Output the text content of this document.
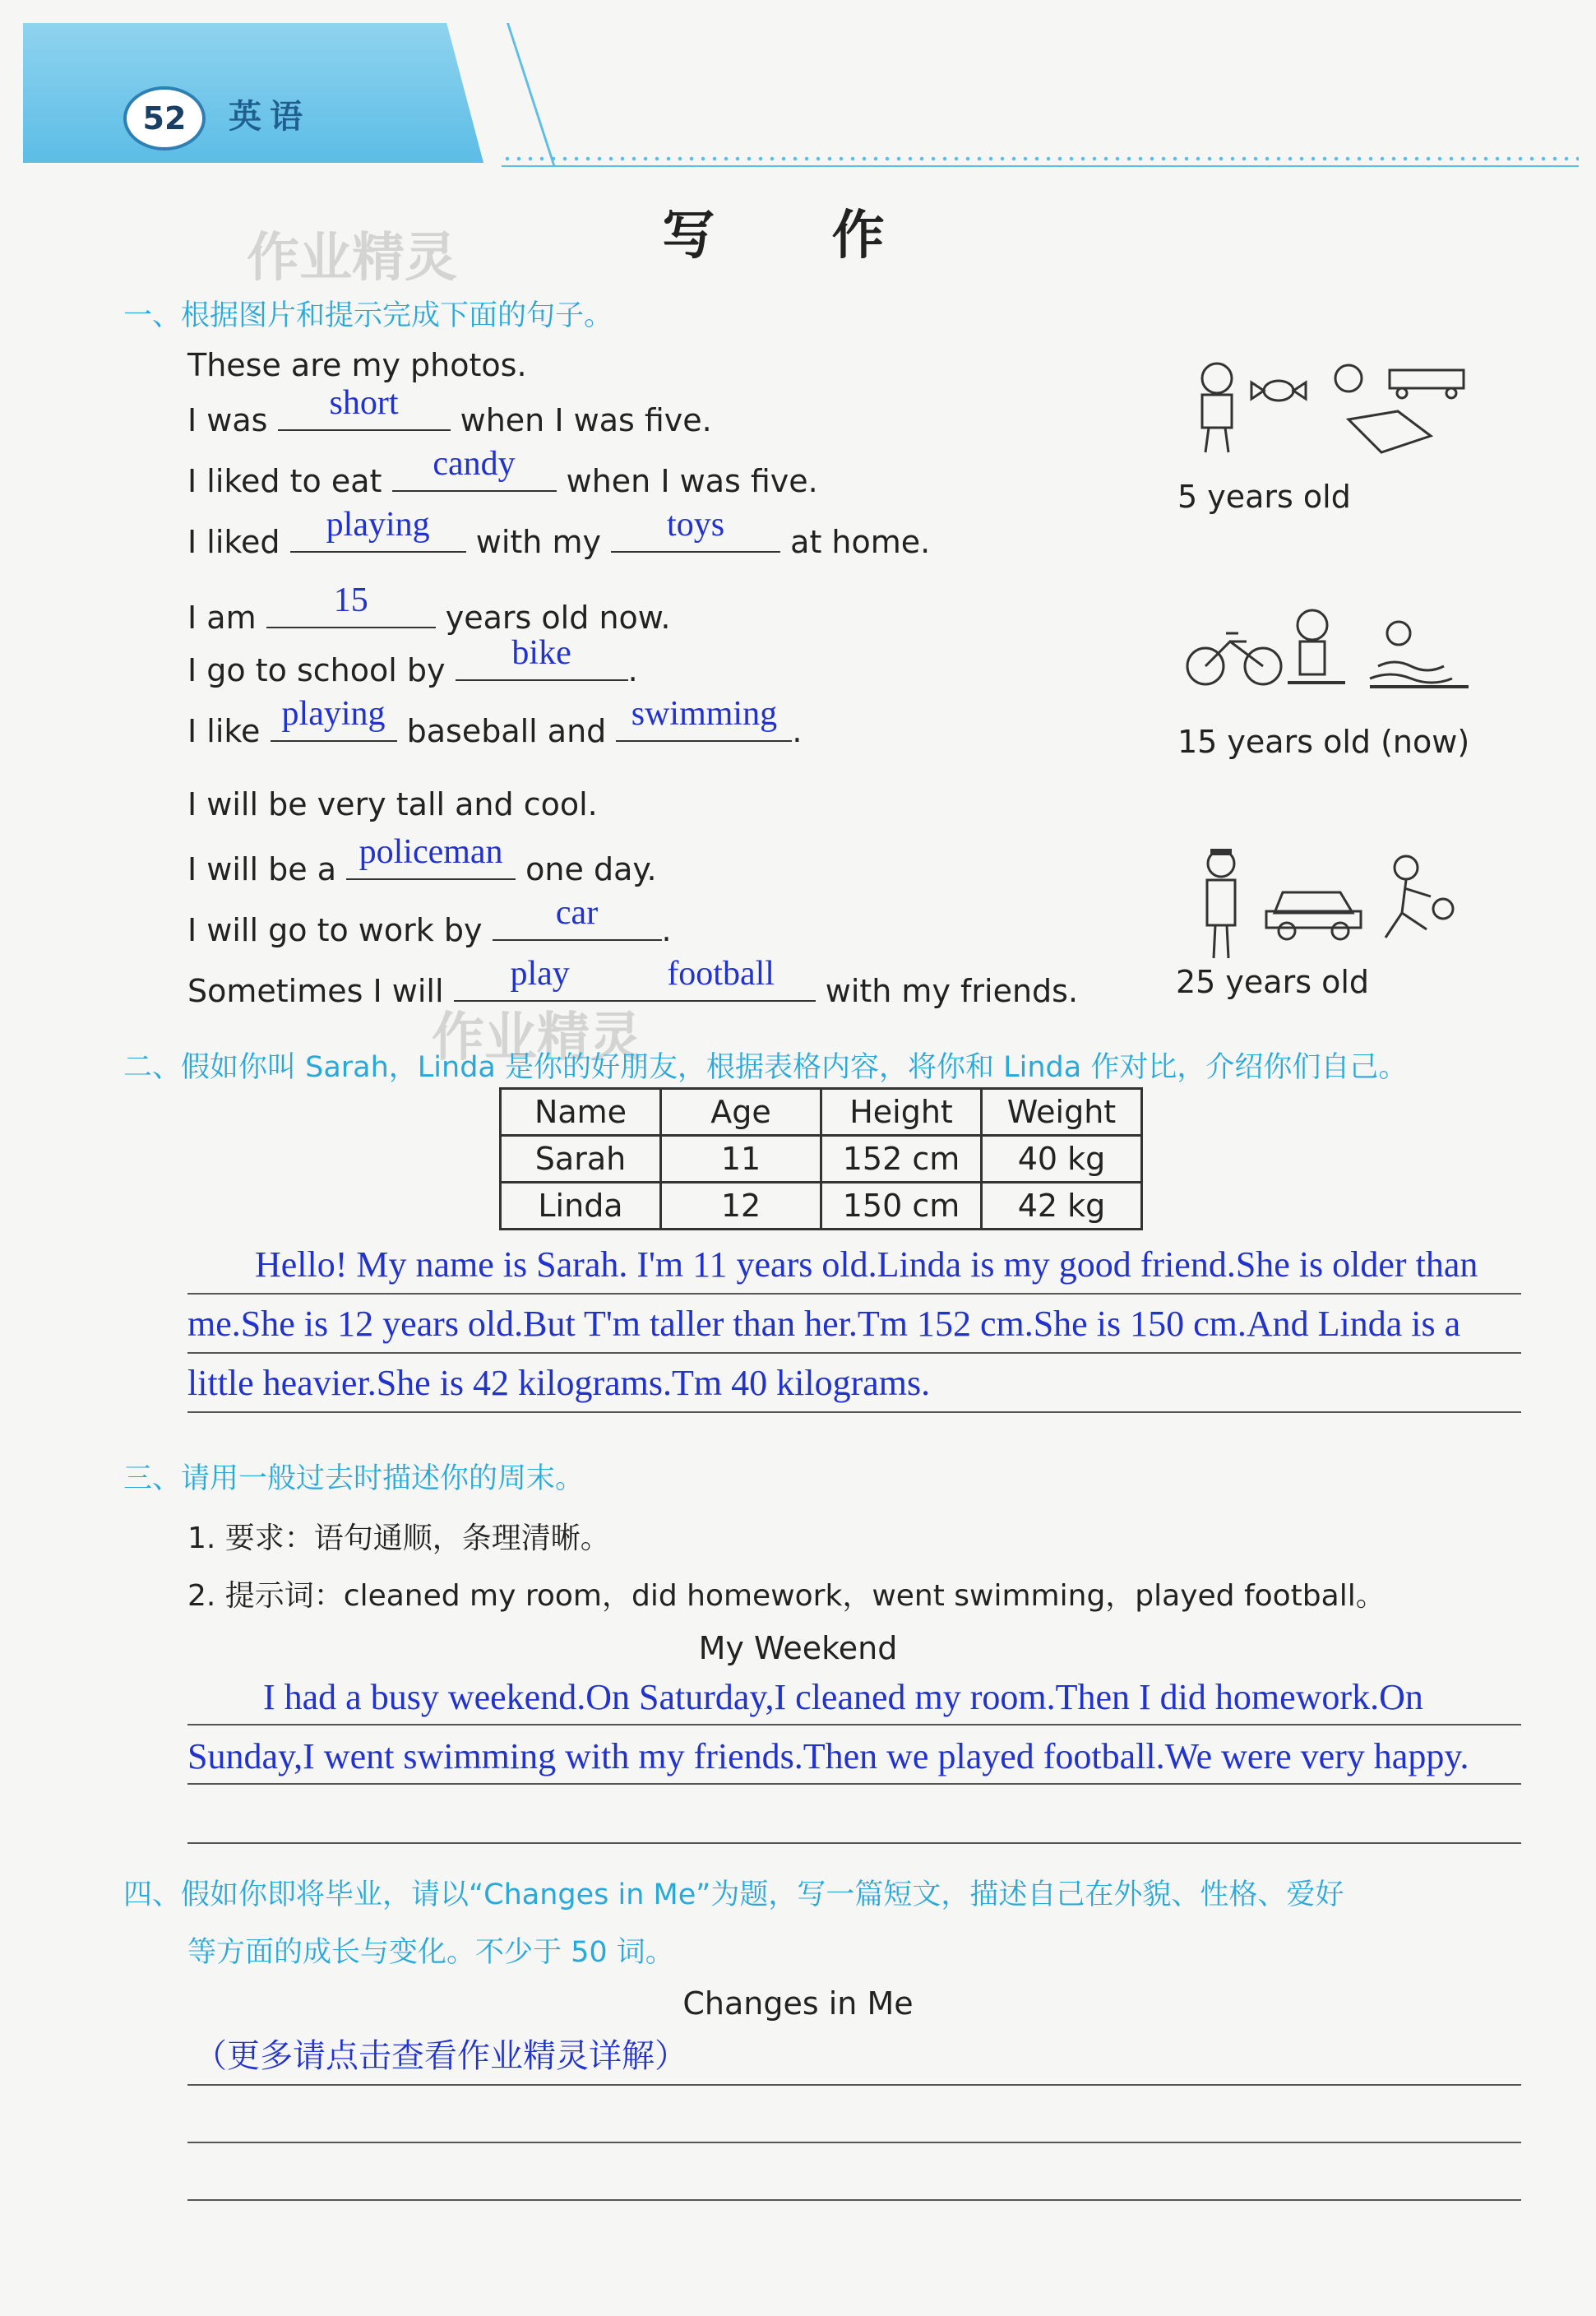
52	英语
写 作
作业精灵
一、根据图片和提示完成下面的句子。
These are my photos.
I was	short	when I was five.
I liked to eat	candy	when I was five.
I liked	playing	with my	toys	at home.
I am	15	years old now.
I go to school by	bike	.
I like playing baseball and swimming .
I will be very tall and cool.
I will be a policeman one day.
I will go to work by	car	.
Sometimes I will	play	football	with my friends.
作业精灵
5 years old
15 years old (now)
25 years old
二、假如你叫 Sarah，Linda 是你的好朋友，根据表格内容，将你和 Linda 作对比，介绍你们自己。
Name	Age	Height	Weight
Sarah	11	152 cm	40 kg
Linda	12	150 cm	42 kg
Hello! My name is Sarah. I'm 11 years old.Linda is my good friend.She is older than
me.She is 12 years old.But T'm taller than her.Tm 152 cm.She is 150 cm.And Linda is a
little heavier.She is 42 kilograms.Tm 40 kilograms.
三、请用一般过去时描述你的周末。
1. 要求：语句通顺，条理清晰。
2. 提示词：cleaned my room，did homework，went swimming，played football。
My Weekend
I had a busy weekend.On Saturday,I cleaned my room.Then I did homework.On
Sunday,I went swimming with my friends.Then we played football.We were very happy.
四、假如你即将毕业，请以“Changes in Me”为题，写一篇短文，描述自己在外貌、性格、爱好
等方面的成长与变化。不少于 50 词。
Changes in Me
（更多请点击查看作业精灵详解）
